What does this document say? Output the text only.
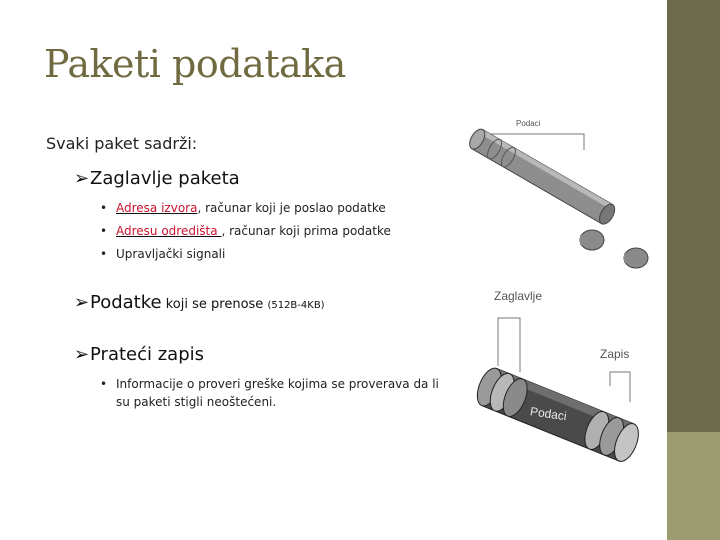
Paketi podataka
Svaki paket sadrži:
➢Zaglavlje paketa
• Adresa izvora, računar koji je poslao podatke
• Adresu odredišta , računar koji prima podatke
• Upravljački signali
➢Podatke koji se prenose (512B-4KB)
➢Prateći zapis
• Informacije o proveri greške kojima se proverava da li
su paketi stigli neoštećeni.
Podaci
Zaglavlje
Zapis
Podaci
